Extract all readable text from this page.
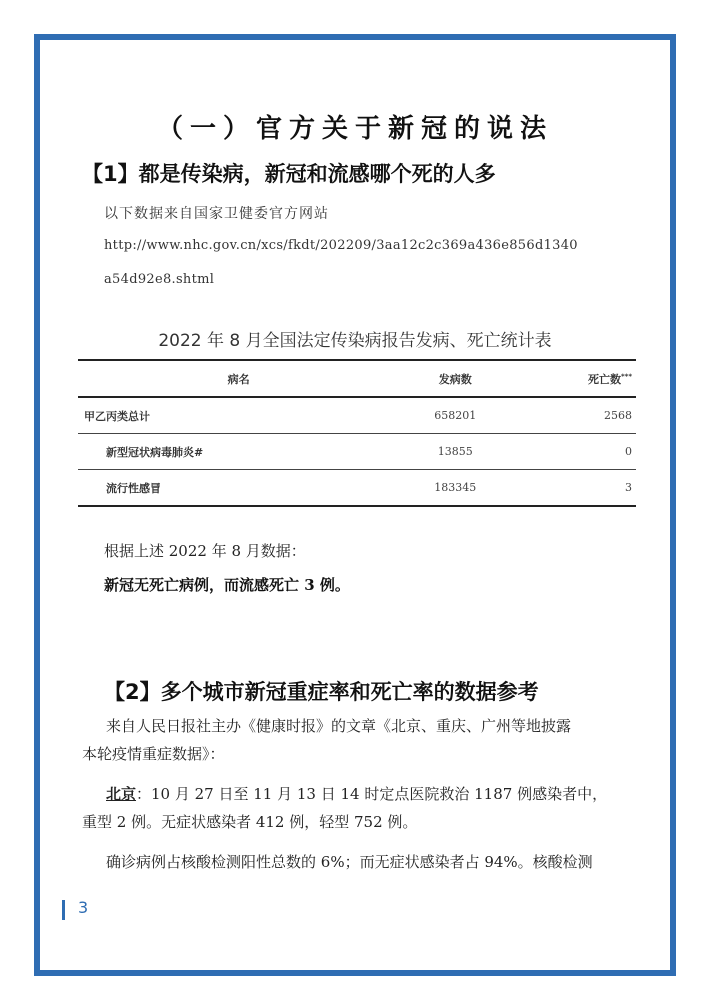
（一）官方关于新冠的说法
【1】都是传染病，新冠和流感哪个死的人多
以下数据来自国家卫健委官方网站
http://www.nhc.gov.cn/xcs/fkdt/202209/3aa12c2c369a436e856d1340
a54d92e8.shtml
2022 年 8 月全国法定传染病报告发病、死亡统计表
病名	发病数	死亡数***
甲乙丙类总计	658201	2568
新型冠状病毒肺炎#	13855	0
流行性感冒	183345	3
根据上述 2022 年 8 月数据：
新冠无死亡病例，而流感死亡 3 例。
【2】多个城市新冠重症率和死亡率的数据参考
来自人民日报社主办《健康时报》的文章《北京、重庆、广州等地披露
本轮疫情重症数据》：
北京：10 月 27 日至 11 月 13 日 14 时定点医院救治 1187 例感染者中，
重型 2 例。无症状感染者 412 例，轻型 752 例。
确诊病例占核酸检测阳性总数的 6%；而无症状感染者占 94%。核酸检测
3
